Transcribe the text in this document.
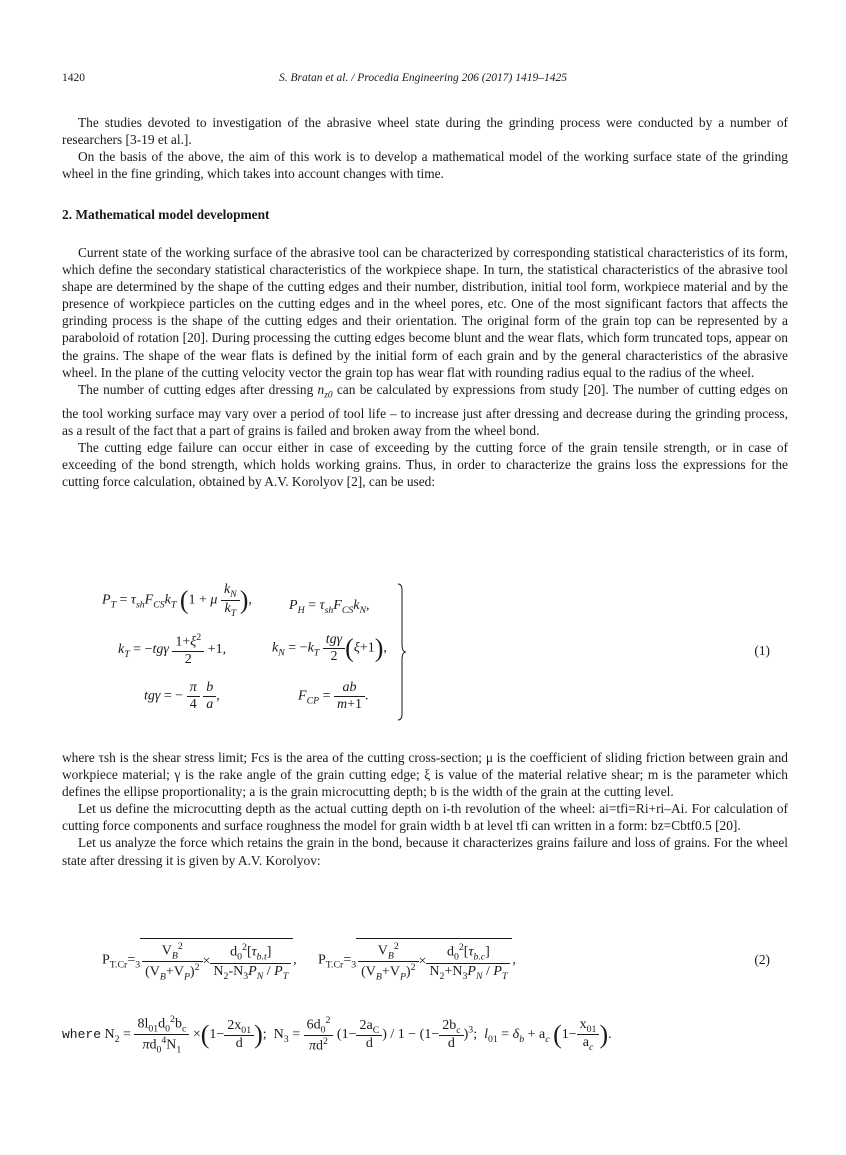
1420	S. Bratan et al. / Procedia Engineering 206 (2017) 1419–1425

The studies devoted to investigation of the abrasive wheel state during the grinding process were conducted by a number of researchers [3-19 et al.].

On the basis of the above, the aim of this work is to develop a mathematical model of the working surface state of the grinding wheel in the fine grinding, which takes into account changes with time.

2. Mathematical model development

Current state of the working surface of the abrasive tool can be characterized by corresponding statistical characteristics of its form, which define the secondary statistical characteristics of the workpiece shape. In turn, the statistical characteristics of the abrasive tool shape are determined by the shape of the cutting edges and their number, distribution, initial tool form, workpiece material and by the presence of workpiece particles on the cutting edges and in the wheel pores, etc. One of the most significant factors that affects the grinding process is the shape of the cutting edges and their orientation. The original form of the grain top can be represented by a paraboloid of rotation [20]. During processing the cutting edges become blunt and the wear flats, which form truncated tops, appear on the grains. The shape of the wear flats is defined by the initial form of each grain and by the general characteristics of the abrasive wheel. In the plane of the cutting velocity vector the grain top has wear flat with rounding radius equal to the radius of the wheel.

The number of cutting edges after dressing $n_{z0}$ can be calculated by expressions from study [20]. The number of cutting edges on the tool working surface may vary over a period of tool life – to increase just after dressing and decrease during the grinding process, as a result of the fact that a part of grains is failed and broken away from the wheel bond.

The cutting edge failure can occur either in case of exceeding by the cutting force of the grain tensile strength, or in case of exceeding of the bond strength, which holds working grains. Thus, in order to characterize the grains loss the expressions for the cutting force calculation, obtained by A.V. Korolyov [2], can be used:

$P_T = \tau_{sh}F_{CS}k_T$ (1 + μ $\frac{k_N}{k_T}$ ),	$P_H = \tau_{sh}F_{CS}k_N$,
$k_T = -tg\gamma \frac{1+\xi^2}{2} +1$,	$k_N = -k_T \frac{\text{tgγ}}{2} (\xi+1)$,
tgγ = − $\frac{\pi}{4}$
$\frac{b}{a}$ ,	$F_{CP} = \frac{ab}{m+1}$ .
(1)

where τsh is the shear stress limit; Fcs is the area of the cutting cross-section; μ is the coefficient of sliding friction between grain and workpiece material; γ is the rake angle of the grain cutting edge; ξ is value of the material relative shear; m is the parameter which defines the ellipse proportionality; a is the grain microcutting depth; b is the width of the grain at the cutting level.

Let us define the microcutting depth as the actual cutting depth on i-th revolution of the wheel: ai=tfi=Ri+ri–Ai. For calculation of cutting force components and surface roughness the model for grain width b at level tfi can written in a form: bz=Cbtf0.5 [20].

Let us analyze the force which retains the grain in the bond, because it characterizes grains failure and loss of grains. For the wheel state after dressing it is given by A.V. Korolyov:

$P_{T.Cr}=_3 \frac{V_B^2}{(V_B+V_P)^2} \times \frac{d_0^2[\tau_{b.t}]}{N_2-N_3P_N / P_T}$ , $P_{T.Cr}=_3 \frac{V_B^2}{(V_B+V_P)^2} \times \frac{d_0^2[\tau_{b.c}]}{N_2+N_3P_N / P_T}$ ,	(2)
where $N_2 = \frac{8l_{01}d_0^2b_c}{\pi d_0^4N_1} \times(1- \frac{2x_{01}}{d}$ );  $N_3 = \frac{6d_0^2}{\pi d^2} (1- \frac{2a_C}{d}$ ) / $1 - (1- \frac{2b_c}{d} )^3$;  $l_{01} = \delta_b + a_c$ ($1- \frac{x_{01}}{a_c}$ ).
